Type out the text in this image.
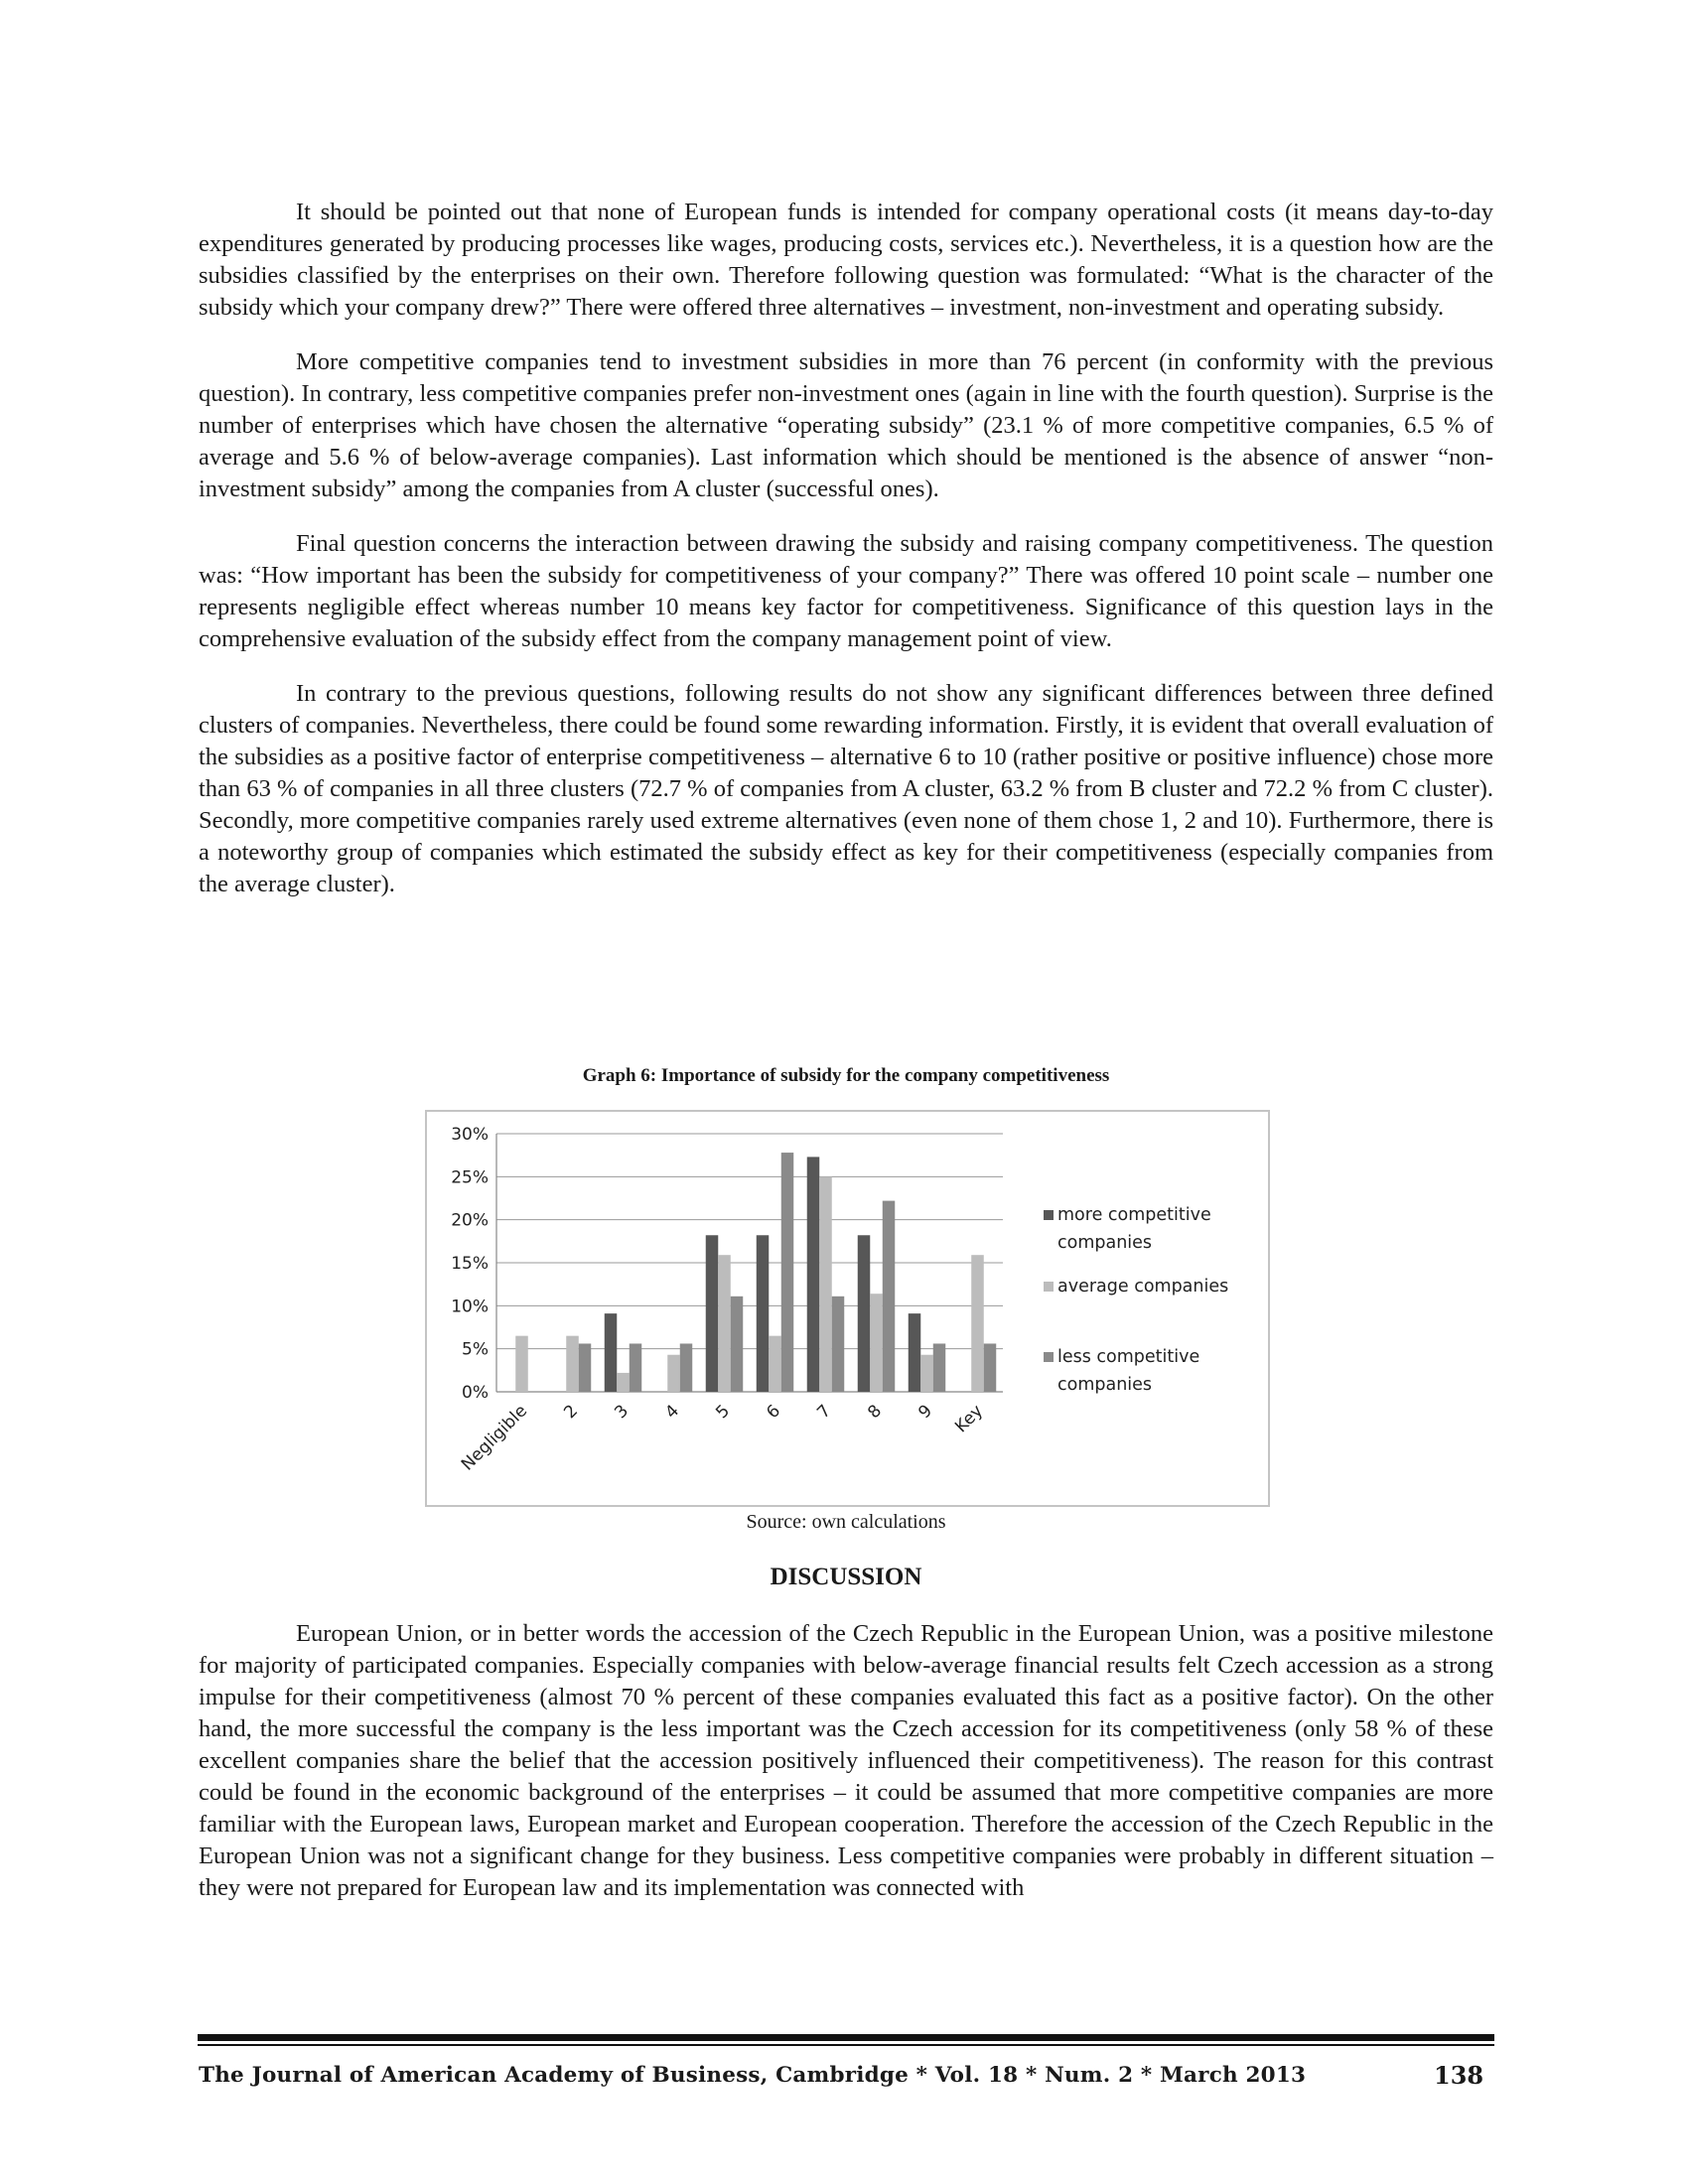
It should be pointed out that none of European funds is intended for company operational costs (it means day-to-day expenditures generated by producing processes like wages, producing costs, services etc.). Nevertheless, it is a question how are the subsidies classified by the enterprises on their own. Therefore following question was formulated: “What is the character of the subsidy which your company drew?” There were offered three alternatives – investment, non-investment and operating subsidy.

More competitive companies tend to investment subsidies in more than 76 percent (in conformity with the previous question). In contrary, less competitive companies prefer non-investment ones (again in line with the fourth question). Surprise is the number of enterprises which have chosen the alternative “operating subsidy” (23.1 % of more competitive companies, 6.5 % of average and 5.6 % of below-average companies). Last information which should be mentioned is the absence of answer “non-investment subsidy” among the companies from A cluster (successful ones).

Final question concerns the interaction between drawing the subsidy and raising company competitiveness. The question was: “How important has been the subsidy for competitiveness of your company?” There was offered 10 point scale – number one represents negligible effect whereas number 10 means key factor for competitiveness. Significance of this question lays in the comprehensive evaluation of the subsidy effect from the company management point of view.

In contrary to the previous questions, following results do not show any significant differences between three defined clusters of companies. Nevertheless, there could be found some rewarding information. Firstly, it is evident that overall evaluation of the subsidies as a positive factor of enterprise competitiveness – alternative 6 to 10 (rather positive or positive influence) chose more than 63 % of companies in all three clusters (72.7 % of companies from A cluster, 63.2 % from B cluster and 72.2 % from C cluster). Secondly, more competitive companies rarely used extreme alternatives (even none of them chose 1, 2 and 10). Furthermore, there is a noteworthy group of companies which estimated the subsidy effect as key for their competitiveness (especially companies from the average cluster).

Graph 6: Importance of subsidy for the company competitiveness
0%
5%
10%
15%
20%
25%
30%
Negligible 2 3 4 5 6 7 8 9 Key
more competitive
companies
average companies
less competitive
companies
Source: own calculations
DISCUSSION

European Union, or in better words the accession of the Czech Republic in the European Union, was a positive milestone for majority of participated companies. Especially companies with below-average financial results felt Czech accession as a strong impulse for their competitiveness (almost 70 % percent of these companies evaluated this fact as a positive factor). On the other hand, the more successful the company is the less important was the Czech accession for its competitiveness (only 58 % of these excellent companies share the belief that the accession positively influenced their competitiveness). The reason for this contrast could be found in the economic background of the enterprises – it could be assumed that more competitive companies are more familiar with the European laws, European market and European cooperation. Therefore the accession of the Czech Republic in the European Union was not a significant change for they business. Less competitive companies were probably in different situation – they were not prepared for European law and its implementation was connected with

The Journal of American Academy of Business, Cambridge * Vol. 18 * Num. 2 * March 2013	138
